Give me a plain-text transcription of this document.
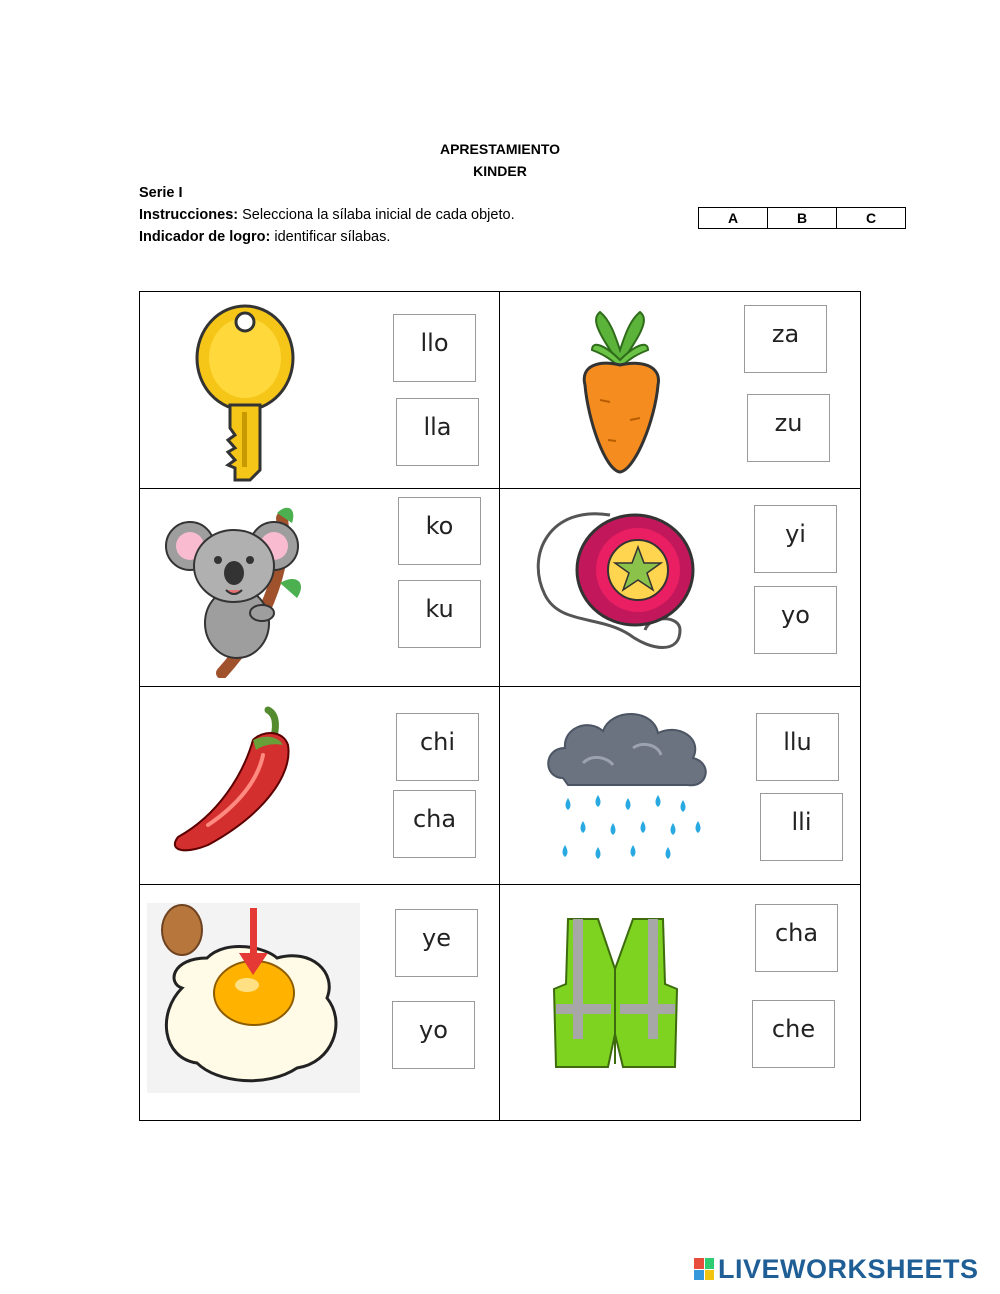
APRESTAMIENTO
KINDER
Serie I
Instrucciones: Selecciona la sílaba inicial de cada objeto.
Indicador de logro: identificar sílabas.
A	B	C
llo
lla
za
zu
ko
ku
yi
yo
chi
cha
llu
lli
ye
yo
cha
che
LIVEWORKSHEETS
